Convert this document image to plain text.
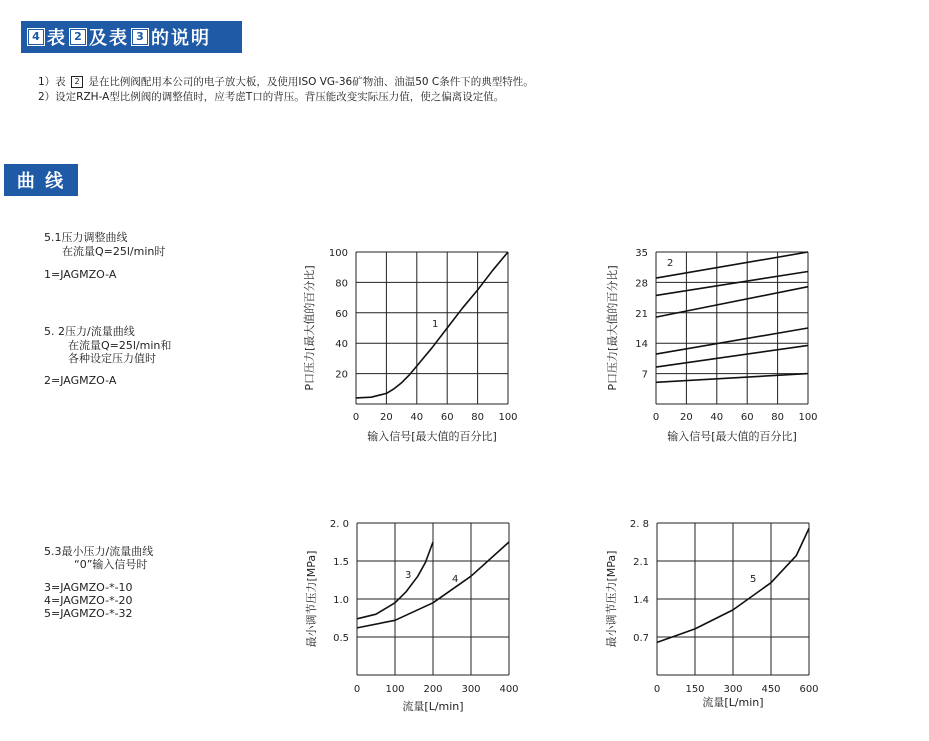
4 表 2 及表 3 的说明
1）表 2 是在比例阀配用本公司的电子放大板，及使用ISO VG-36矿物油、油温50 C条件下的典型特性。
2）设定RZH-A型比例阀的调整值时，应考虑T口的背压。背压能改变实际压力值，使之偏离设定值。
曲 线
5.1压力调整曲线
在流量Q=25l/min时
1=JAGMZO-A
5. 2压力/流量曲线
在流量Q=25l/min和
各种设定压力值时
2=JAGMZO-A
5.3最小压力/流量曲线
“0”输入信号时
3=JAGMZO-*-10
4=JAGMZO-*-20
5=JAGMZO-*-32
0 20 40 60 80 100
20
40
60
80
100
输入信号[最大值的百分比]
P口压力[最大值的百分比]	1
0 20 40 60 80 100
7
14
21
28
35
输入信号[最大值的百分比]
P口压力[最大值的百分比]
2
0	100 200 300 400
0.5
1.0
1.5
2. 0
流量[L/min]
最小调节压力[MPa]	3	4
0	150 300 450 600
0.7
1.4
2.1
2. 8
流量[L/min]
最小调节压力[MPa]	5
